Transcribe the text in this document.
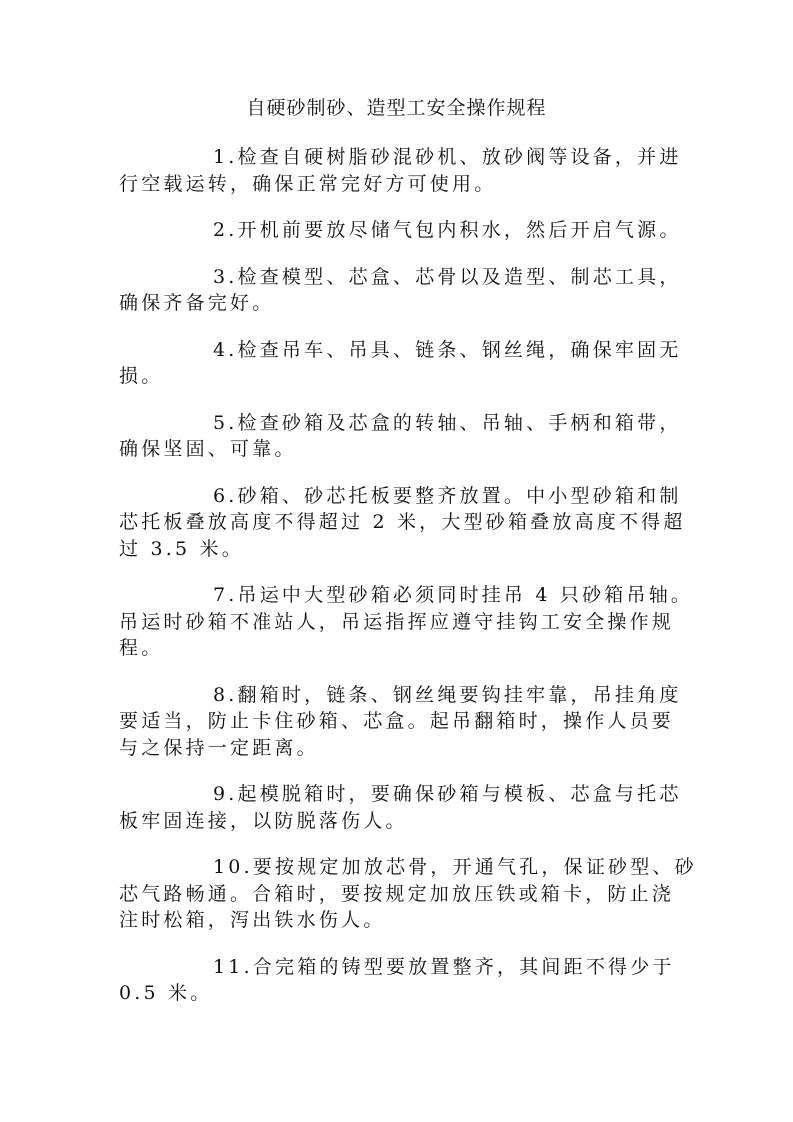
自硬砂制砂、造型工安全操作规程

1.检查自硬树脂砂混砂机、放砂阀等设备，并进
行空载运转，确保正常完好方可使用。

2.开机前要放尽储气包内积水，然后开启气源。

3.检查模型、芯盒、芯骨以及造型、制芯工具，
确保齐备完好。

4.检查吊车、吊具、链条、钢丝绳，确保牢固无
损。

5.检查砂箱及芯盒的转轴、吊轴、手柄和箱带，
确保坚固、可靠。

6.砂箱、砂芯托板要整齐放置。中小型砂箱和制
芯托板叠放高度不得超过 2 米，大型砂箱叠放高度不得超
过 3.5 米。

7.吊运中大型砂箱必须同时挂吊 4 只砂箱吊轴。
吊运时砂箱不准站人，吊运指挥应遵守挂钩工安全操作规
程。

8.翻箱时，链条、钢丝绳要钩挂牢靠，吊挂角度
要适当，防止卡住砂箱、芯盒。起吊翻箱时，操作人员要
与之保持一定距离。

9.起模脱箱时，要确保砂箱与模板、芯盒与托芯
板牢固连接，以防脱落伤人。

10.要按规定加放芯骨，开通气孔，保证砂型、砂
芯气路畅通。合箱时，要按规定加放压铁或箱卡，防止浇
注时松箱，泻出铁水伤人。

11.合完箱的铸型要放置整齐，其间距不得少于
0.5 米。
